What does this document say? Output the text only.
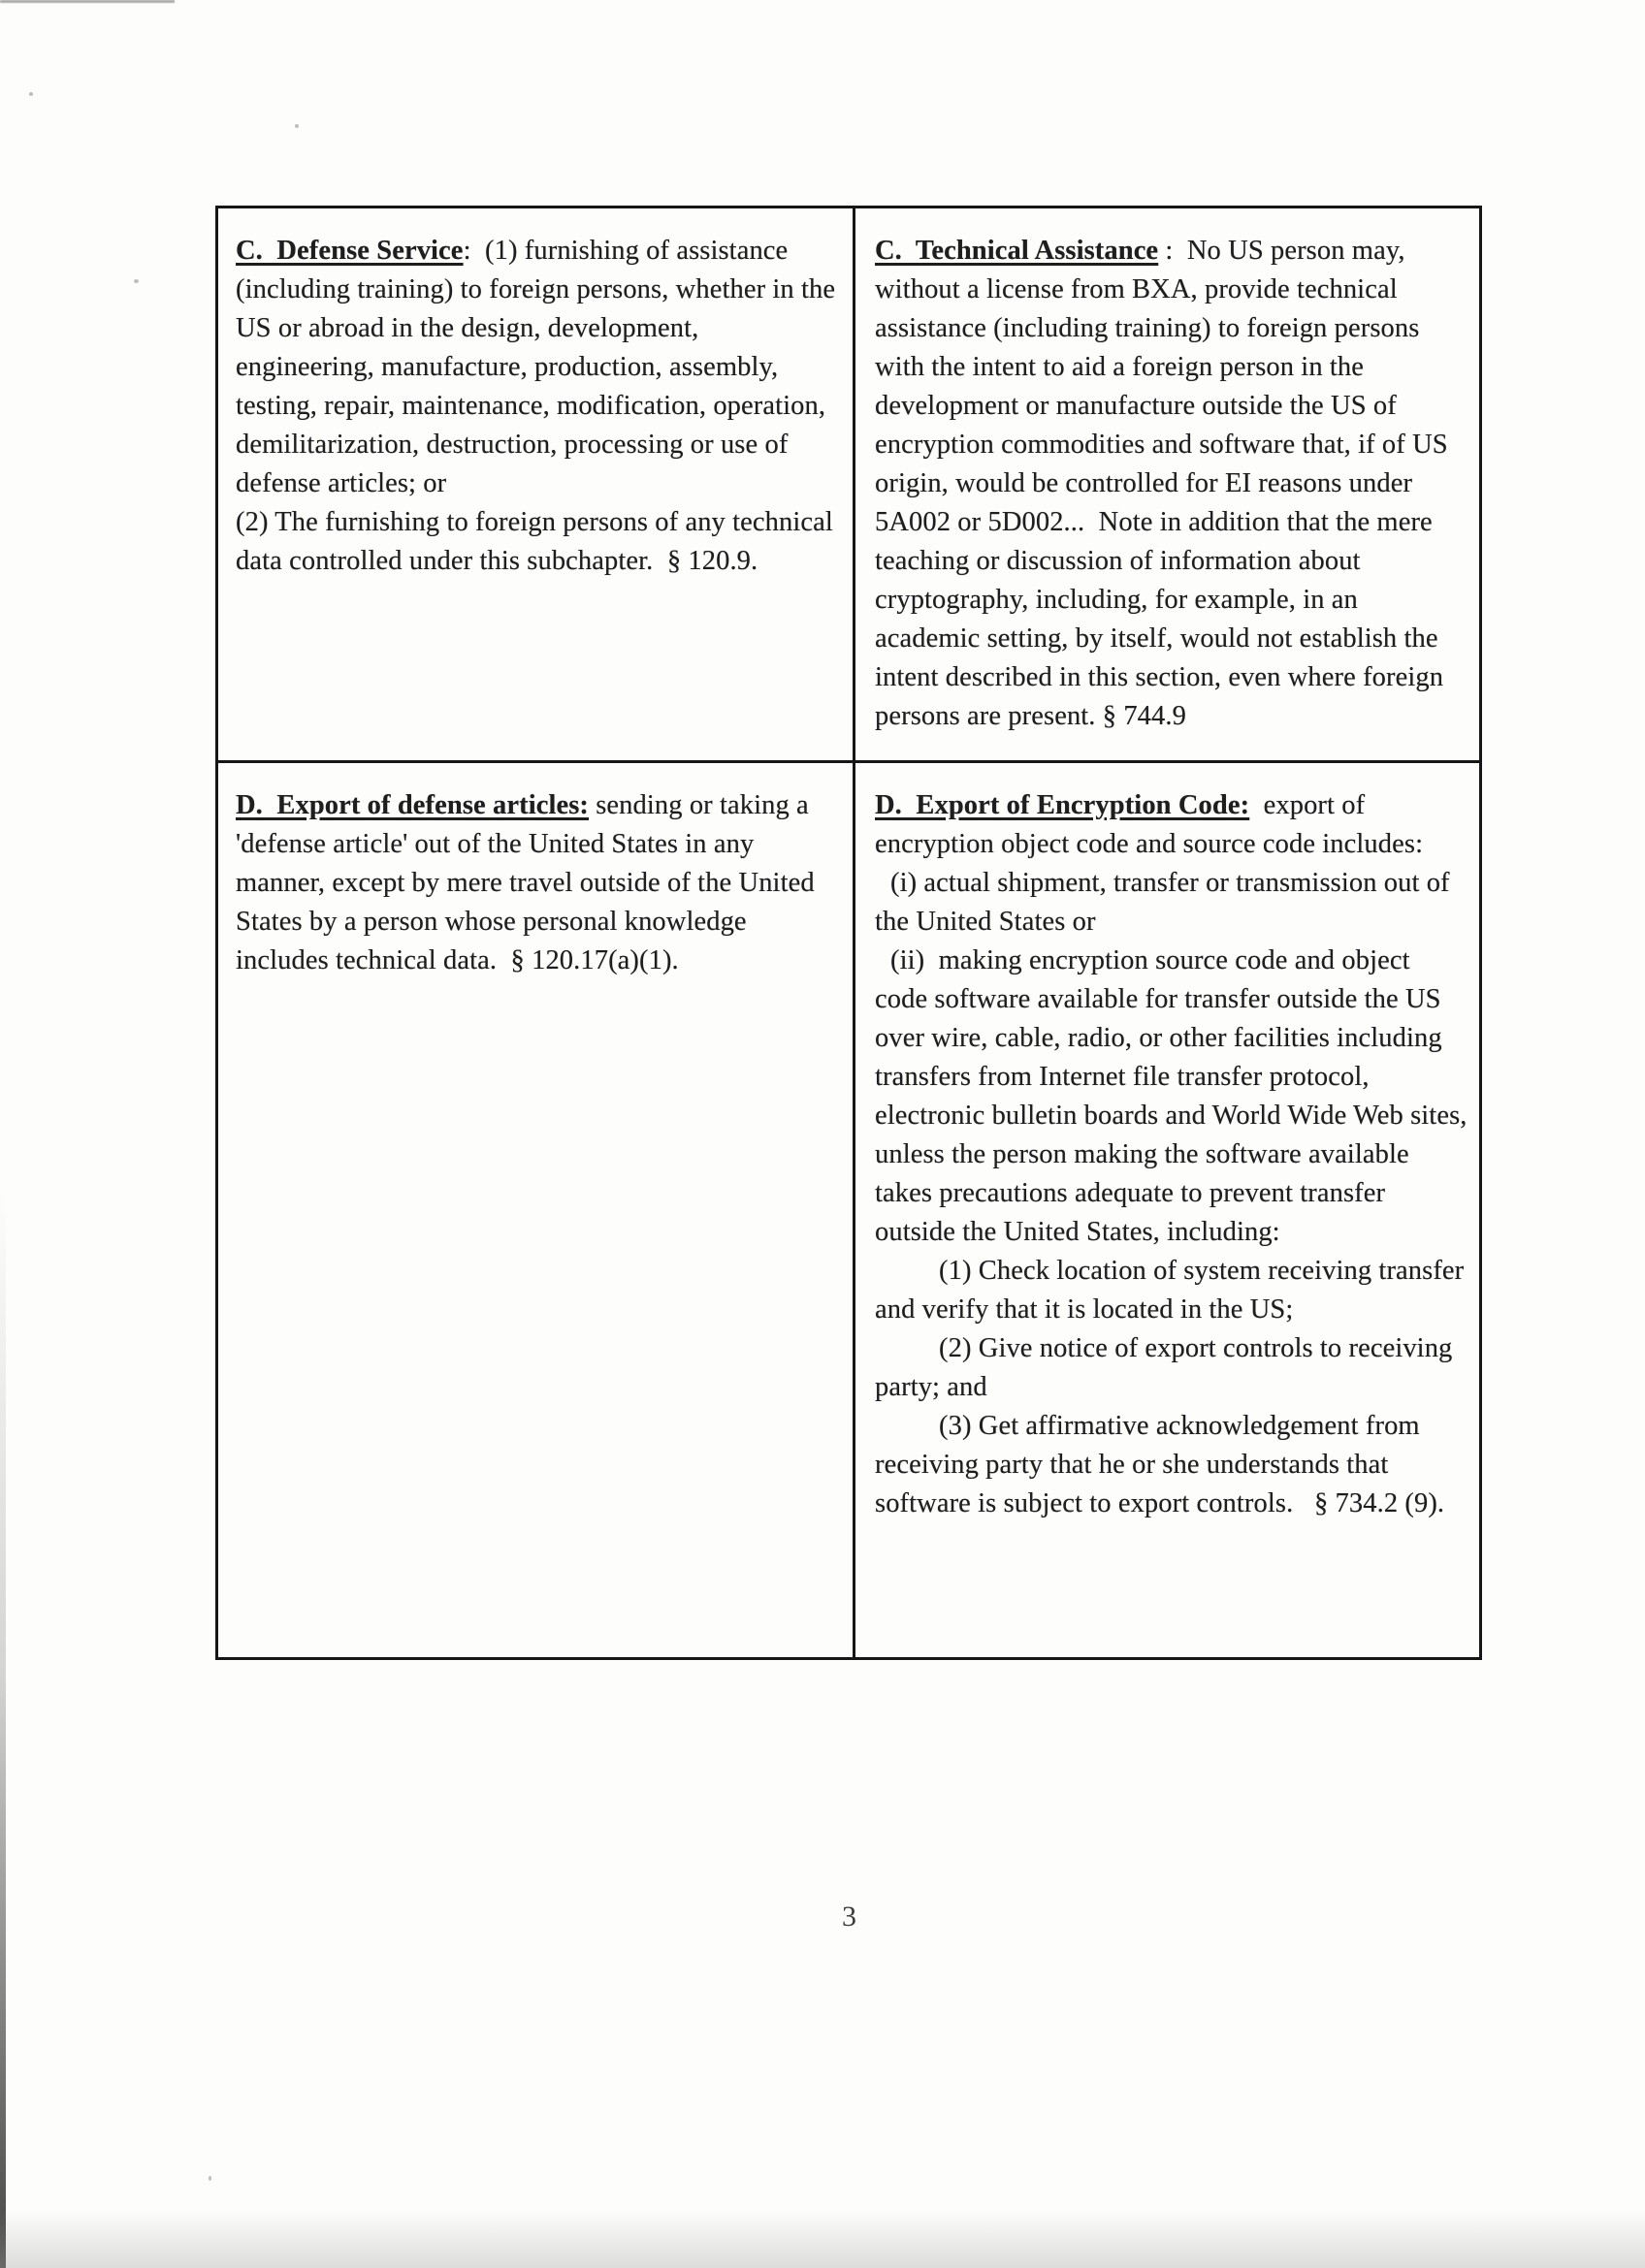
C.  Defense Service:  (1) furnishing of assistance (including training) to foreign persons, whether in the US or abroad in the design, development, engineering, manufacture, production, assembly, testing, repair, maintenance, modification, operation, demilitarization, destruction, processing or use of defense articles; or

(2) The furnishing to foreign persons of any technical data controlled under this subchapter.  § 120.9.

C.  Technical Assistance :  No US person may, without a license from BXA, provide technical assistance (including training) to foreign persons with the intent to aid a foreign person in the development or manufacture outside the US of encryption commodities and software that, if of US origin, would be controlled for EI reasons under 5A002 or 5D002...  Note in addition that the mere teaching or discussion of information about cryptography, including, for example, in an academic setting, by itself, would not establish the intent described in this section, even where foreign persons are present. § 744.9

D.  Export of defense articles: sending or taking a 'defense article' out of the United States in any manner, except by mere travel outside of the United States by a person whose personal knowledge includes technical data.  § 120.17(a)(1).

D.  Export of Encryption Code:  export of encryption object code and source code includes:

(i) actual shipment, transfer or transmission out of the United States or

(ii)  making encryption source code and object code software available for transfer outside the US over wire, cable, radio, or other facilities including transfers from Internet file transfer protocol, electronic bulletin boards and World Wide Web sites, unless the person making the software available takes precautions adequate to prevent transfer outside the United States, including:

(1) Check location of system receiving transfer and verify that it is located in the US;

(2) Give notice of export controls to receiving party; and

(3) Get affirmative acknowledgement from receiving party that he or she understands that software is subject to export controls.   § 734.2 (9).

3
